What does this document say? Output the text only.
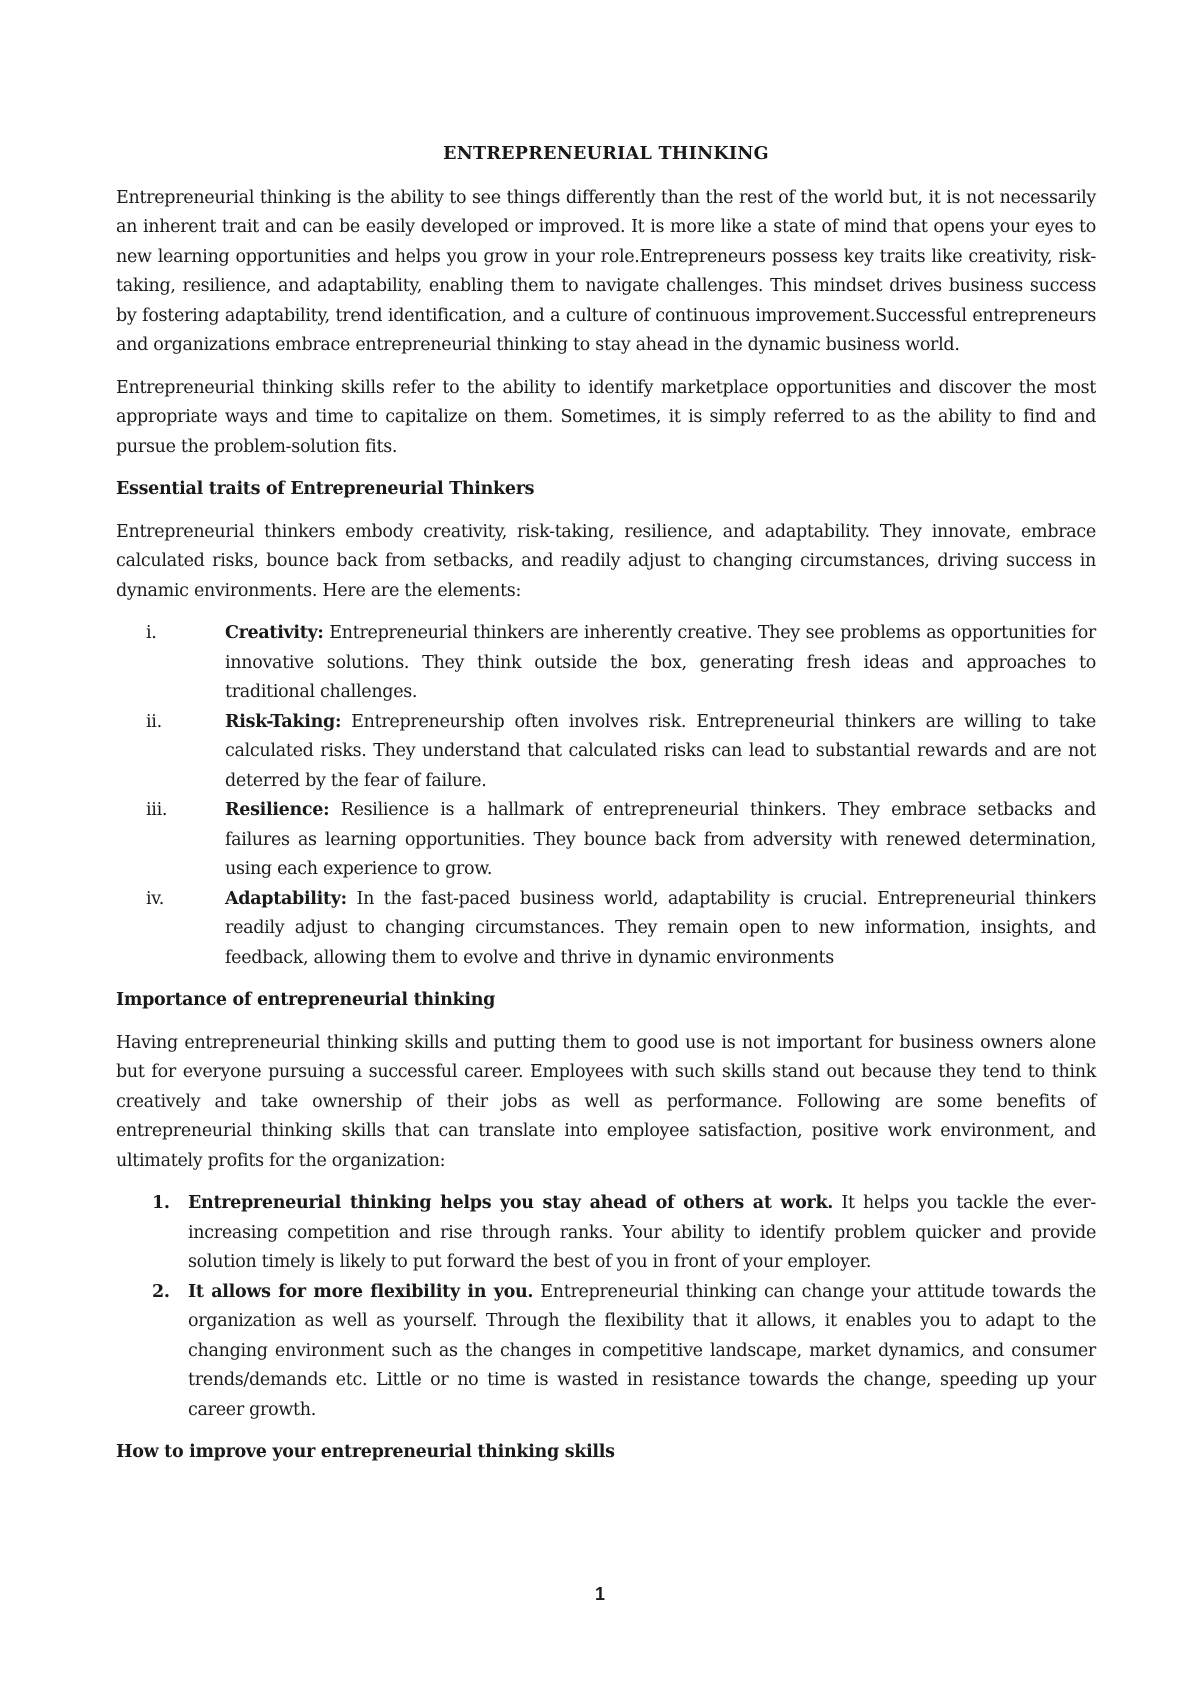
ENTREPRENEURIAL THINKING

Entrepreneurial thinking is the ability to see things differently than the rest of the world but, it is not necessarily an inherent trait and can be easily developed or improved. It is more like a state of mind that opens your eyes to new learning opportunities and helps you grow in your role.Entrepreneurs possess key traits like creativity, risk-taking, resilience, and adaptability, enabling them to navigate challenges. This mindset drives business success by fostering adaptability, trend identification, and a culture of continuous improvement.Successful entrepreneurs and organizations embrace entrepreneurial thinking to stay ahead in the dynamic business world.

Entrepreneurial thinking skills refer to the ability to identify marketplace opportunities and discover the most appropriate ways and time to capitalize on them. Sometimes, it is simply referred to as the ability to find and pursue the problem-solution fits.

Essential traits of Entrepreneurial Thinkers

Entrepreneurial thinkers embody creativity, risk-taking, resilience, and adaptability. They innovate, embrace calculated risks, bounce back from setbacks, and readily adjust to changing circumstances, driving success in dynamic environments. Here are the elements:

i.	Creativity: Entrepreneurial thinkers are inherently creative. They see problems as opportunities for innovative solutions. They think outside the box, generating fresh ideas and approaches to traditional challenges.
ii.	Risk-Taking: Entrepreneurship often involves risk. Entrepreneurial thinkers are willing to take calculated risks. They understand that calculated risks can lead to substantial rewards and are not deterred by the fear of failure.
iii.	Resilience: Resilience is a hallmark of entrepreneurial thinkers. They embrace setbacks and failures as learning opportunities. They bounce back from adversity with renewed determination, using each experience to grow.
iv.	Adaptability: In the fast-paced business world, adaptability is crucial. Entrepreneurial thinkers readily adjust to changing circumstances. They remain open to new information, insights, and feedback, allowing them to evolve and thrive in dynamic environments
Importance of entrepreneurial thinking

Having entrepreneurial thinking skills and putting them to good use is not important for business owners alone but for everyone pursuing a successful career. Employees with such skills stand out because they tend to think creatively and take ownership of their jobs as well as performance. Following are some benefits of entrepreneurial thinking skills that can translate into employee satisfaction, positive work environment, and ultimately profits for the organization:

1. Entrepreneurial thinking helps you stay ahead of others at work. It helps you tackle the ever-increasing competition and rise through ranks. Your ability to identify problem quicker and provide solution timely is likely to put forward the best of you in front of your employer.
2. It allows for more flexibility in you. Entrepreneurial thinking can change your attitude towards the organization as well as yourself. Through the flexibility that it allows, it enables you to adapt to the changing environment such as the changes in competitive landscape, market dynamics, and consumer trends/demands etc. Little or no time is wasted in resistance towards the change, speeding up your career growth.
How to improve your entrepreneurial thinking skills
1
